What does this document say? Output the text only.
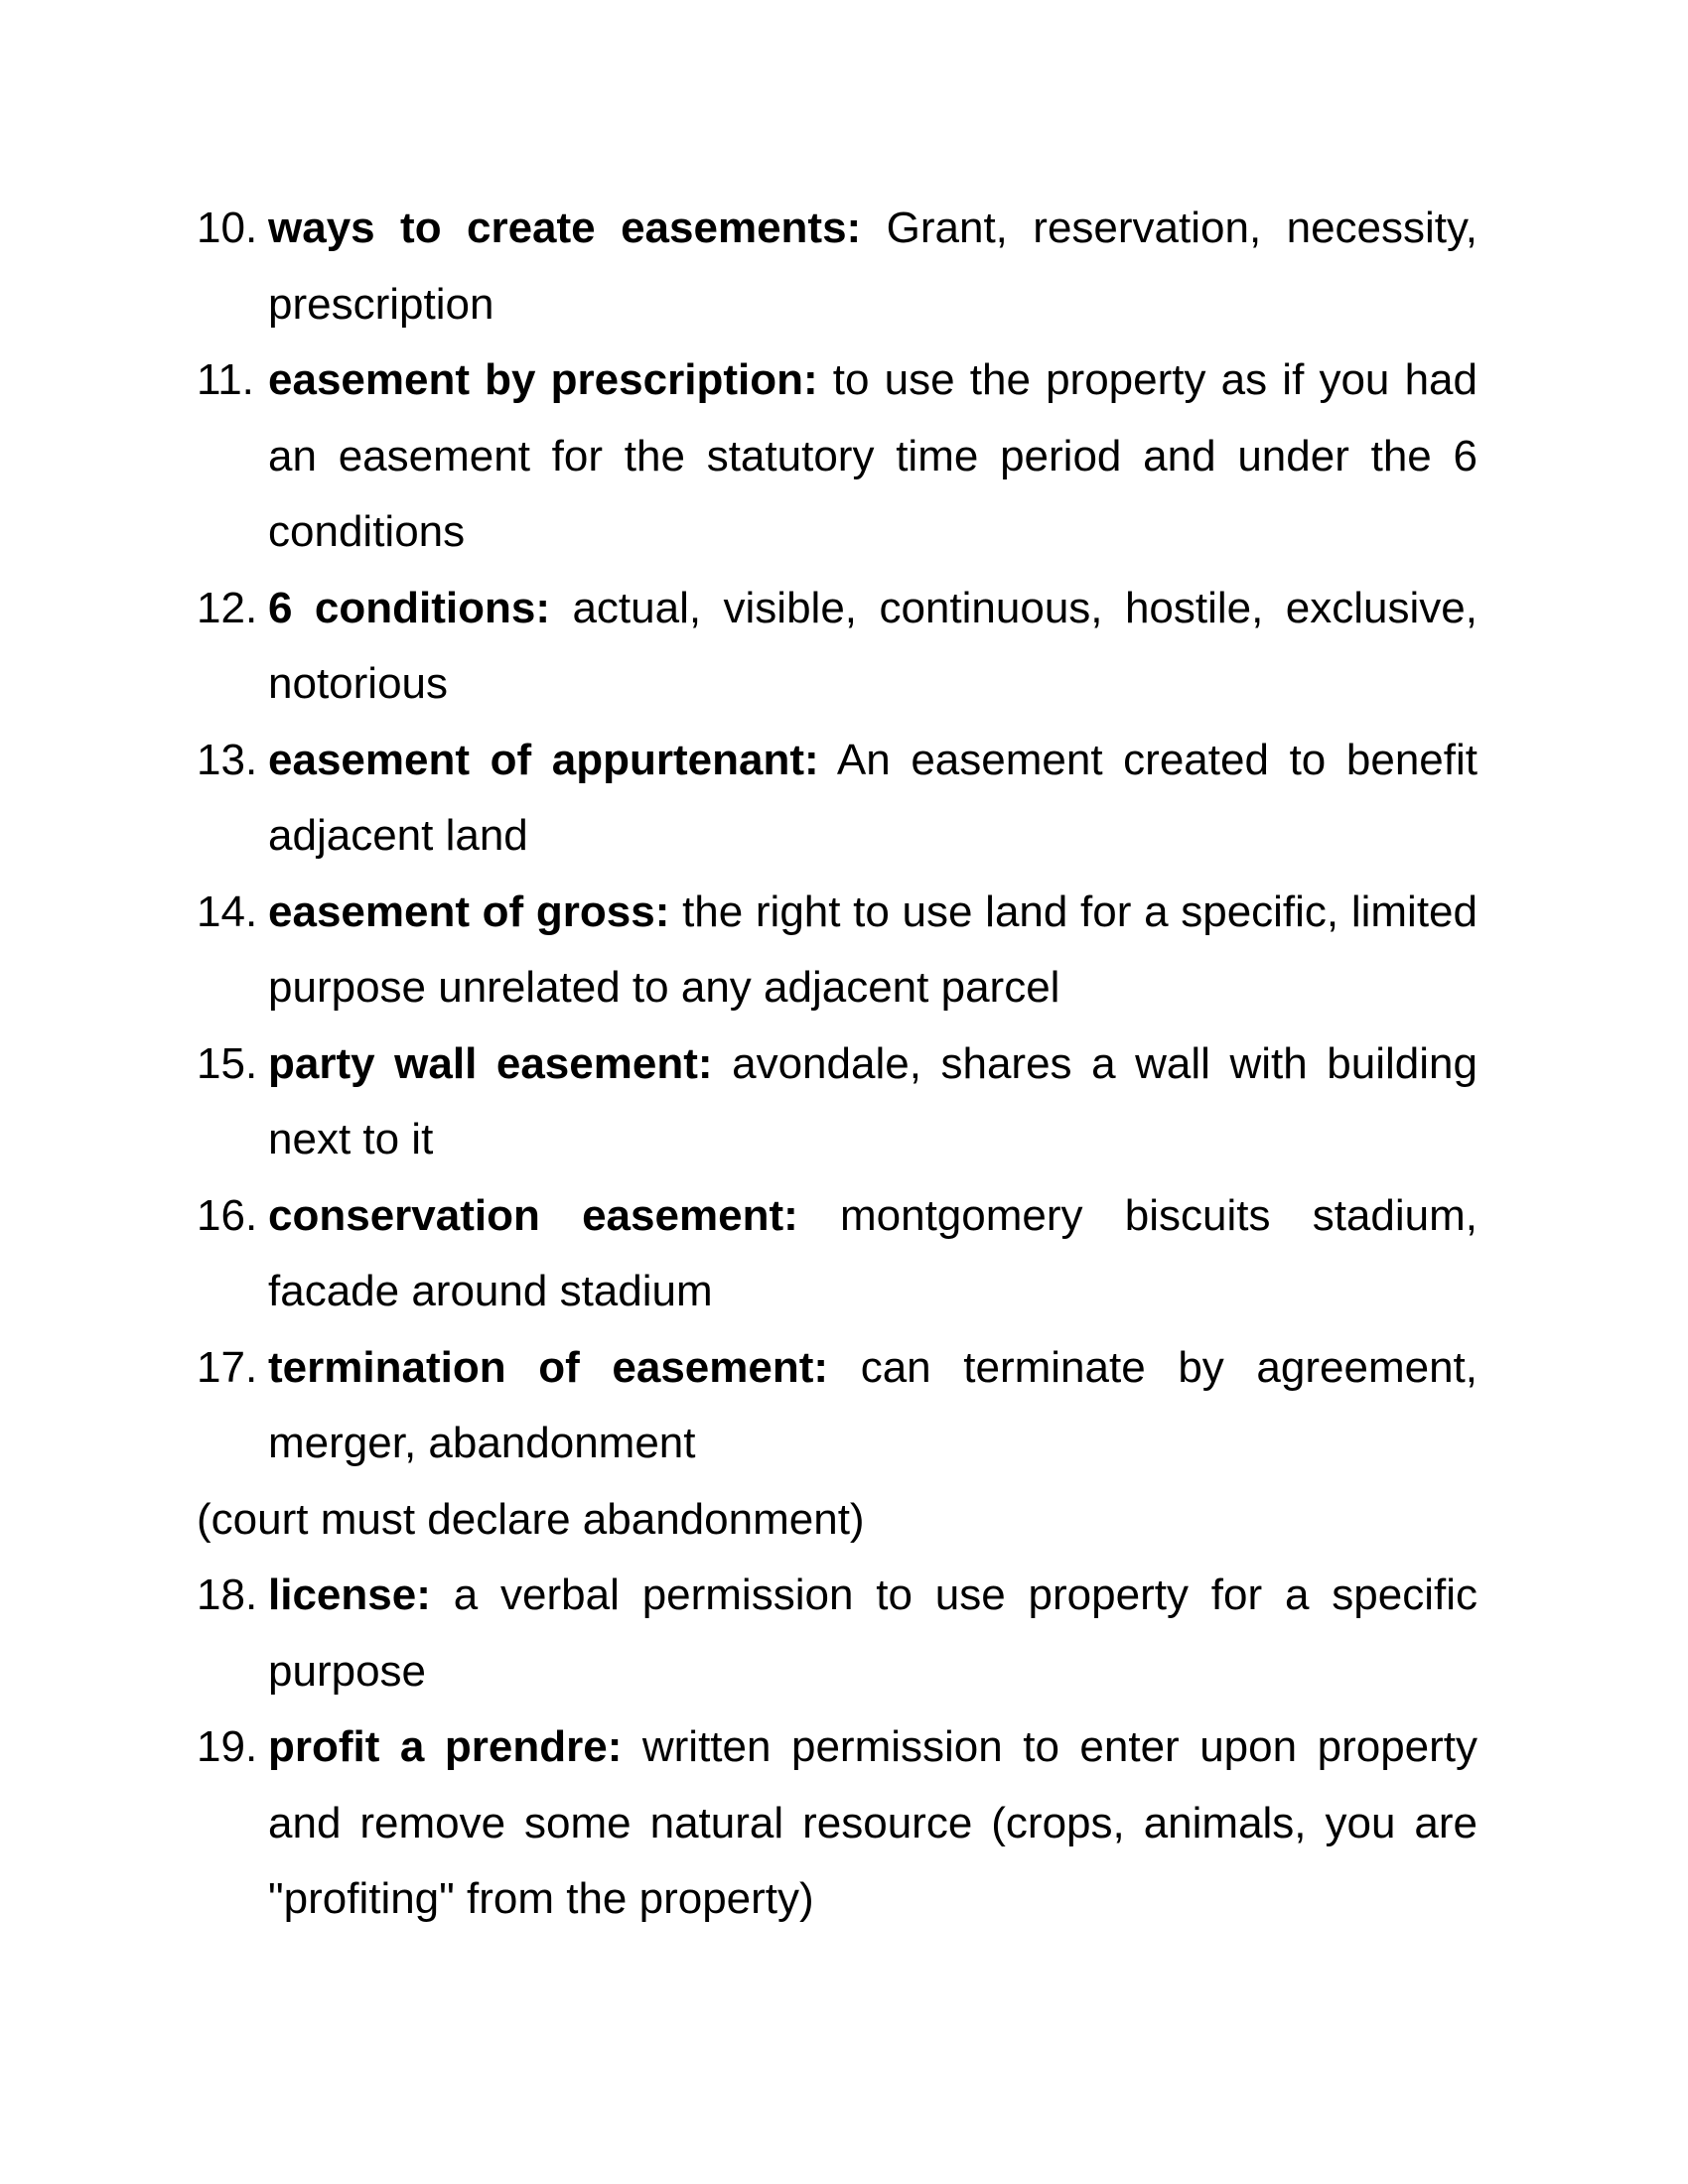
10. ways to create easements: Grant, reservation, necessity, prescription
11. easement by prescription: to use the property as if you had an easement for the statutory time period and under the 6 conditions
12. 6 conditions: actual, visible, continuous, hostile, exclusive, notorious
13. easement of appurtenant: An easement created to benefit adjacent land
14. easement of gross: the right to use land for a specific, limited purpose unrelated to any adjacent parcel
15. party wall easement: avondale, shares a wall with building next to it
16. conservation easement: montgomery biscuits stadium, facade around stadium
17. termination of easement: can terminate by agreement, merger, abandonment
(court must declare abandonment)
18. license: a verbal permission to use property for a specific purpose
19. profit a prendre: written permission to enter upon property and remove some natural resource (crops, animals, you are "profiting" from the property)
